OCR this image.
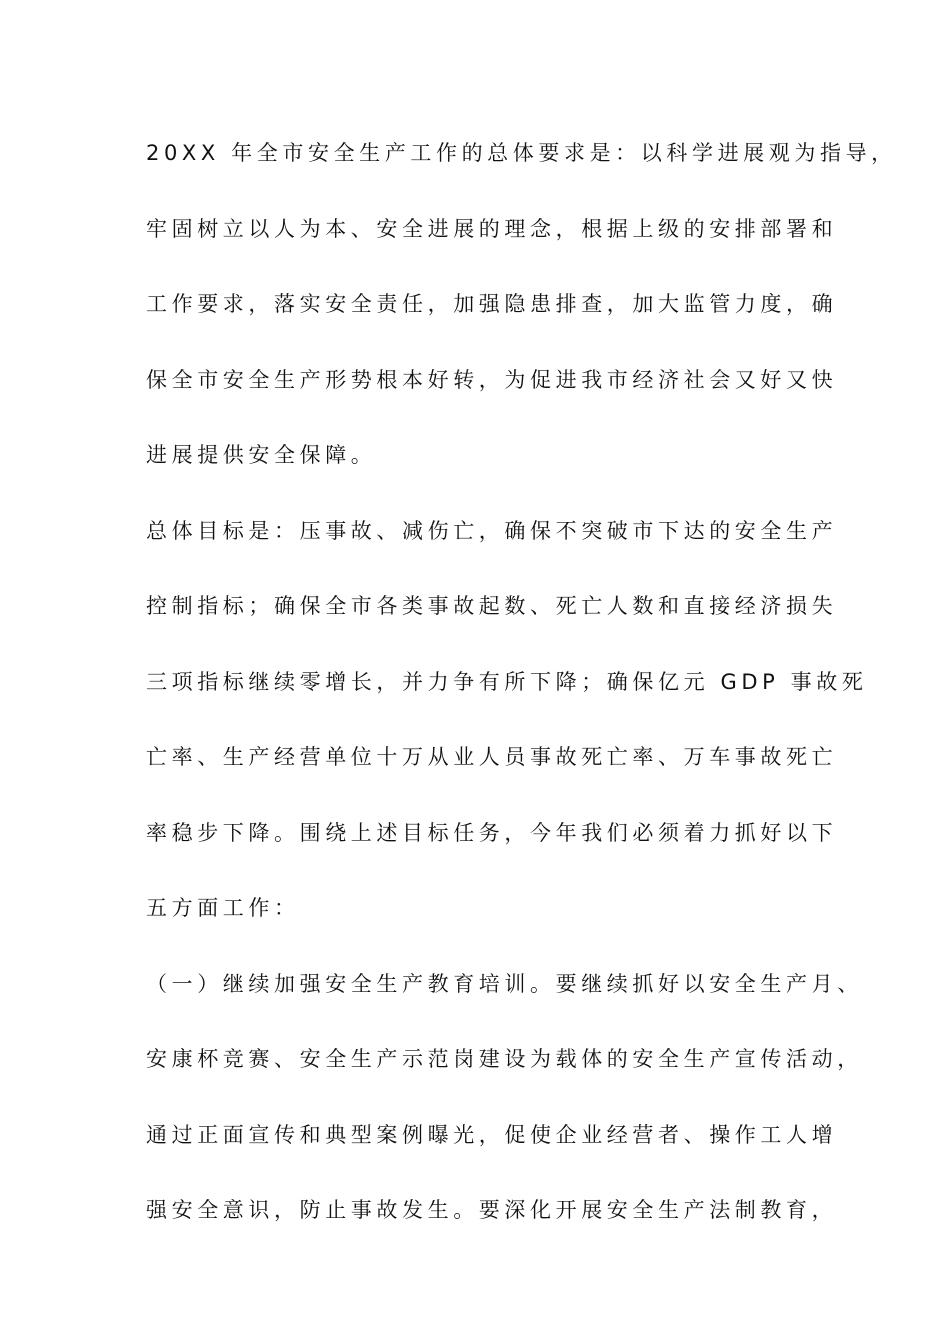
20XX 年全市安全生产工作的总体要求是：以科学进展观为指导，
牢固树立以人为本、安全进展的理念，根据上级的安排部署和
工作要求，落实安全责任，加强隐患排查，加大监管力度，确
保全市安全生产形势根本好转，为促进我市经济社会又好又快
进展提供安全保障。
总体目标是：压事故、减伤亡，确保不突破市下达的安全生产
控制指标；确保全市各类事故起数、死亡人数和直接经济损失
三项指标继续零增长，并力争有所下降；确保亿元 GDP 事故死
亡率、生产经营单位十万从业人员事故死亡率、万车事故死亡
率稳步下降。围绕上述目标任务，今年我们必须着力抓好以下
五方面工作：
（一）继续加强安全生产教育培训。要继续抓好以安全生产月、
安康杯竞赛、安全生产示范岗建设为载体的安全生产宣传活动，
通过正面宣传和典型案例曝光，促使企业经营者、操作工人增
强安全意识，防止事故发生。要深化开展安全生产法制教育，
